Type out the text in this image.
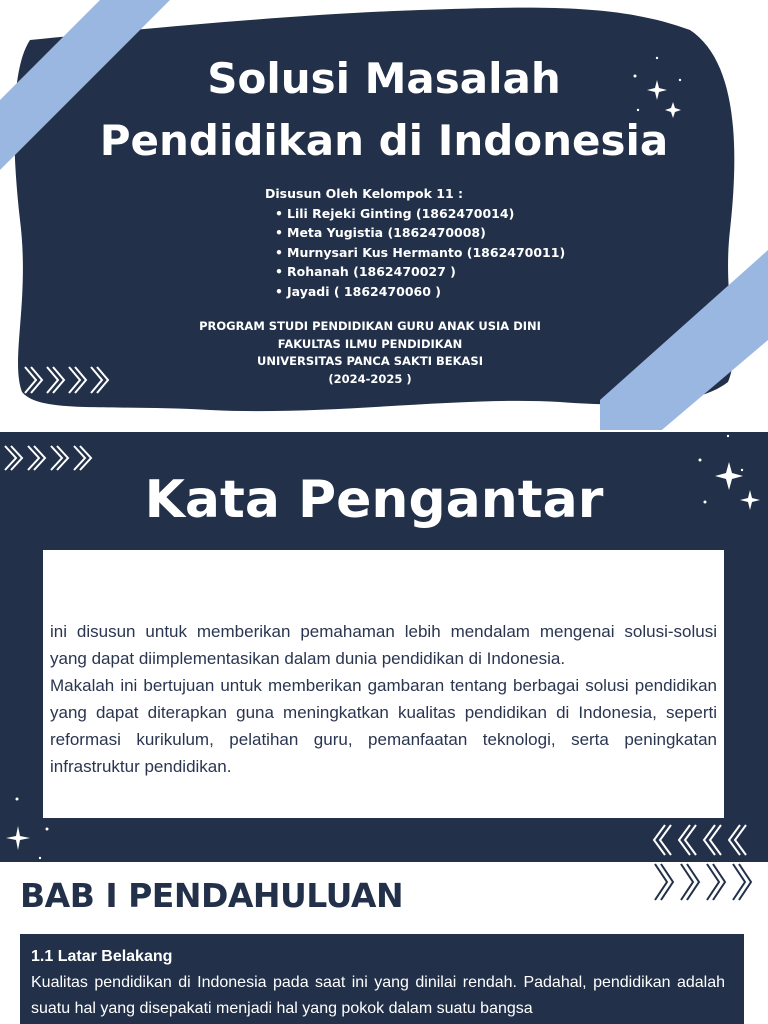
Solusi Masalah
Pendidikan di Indonesia
Disusun Oleh Kelompok 11 :
• Lili Rejeki Ginting (1862470014)
• Meta Yugistia (1862470008)
• Murnysari Kus Hermanto (1862470011)
• Rohanah (1862470027 )
• Jayadi ( 1862470060 )
PROGRAM STUDI PENDIDIKAN GURU ANAK USIA DINI
FAKULTAS ILMU PENDIDIKAN
UNIVERSITAS PANCA SAKTI BEKASI
(2024-2025 )
Kata Pengantar

ini disusun untuk memberikan pemahaman lebih mendalam mengenai solusi-solusi yang dapat diimplementasikan dalam dunia pendidikan di Indonesia.

Makalah ini bertujuan untuk memberikan gambaran tentang berbagai solusi pendidikan yang dapat diterapkan guna meningkatkan kualitas pendidikan di Indonesia, seperti reformasi kurikulum, pelatihan guru, pemanfaatan teknologi, serta peningkatan infrastruktur pendidikan.

BAB I PENDAHULUAN
1.1 Latar Belakang
Kualitas pendidikan di Indonesia pada saat ini yang dinilai rendah. Padahal, pendidikan adalah suatu hal yang disepakati menjadi hal yang pokok dalam suatu bangsa
